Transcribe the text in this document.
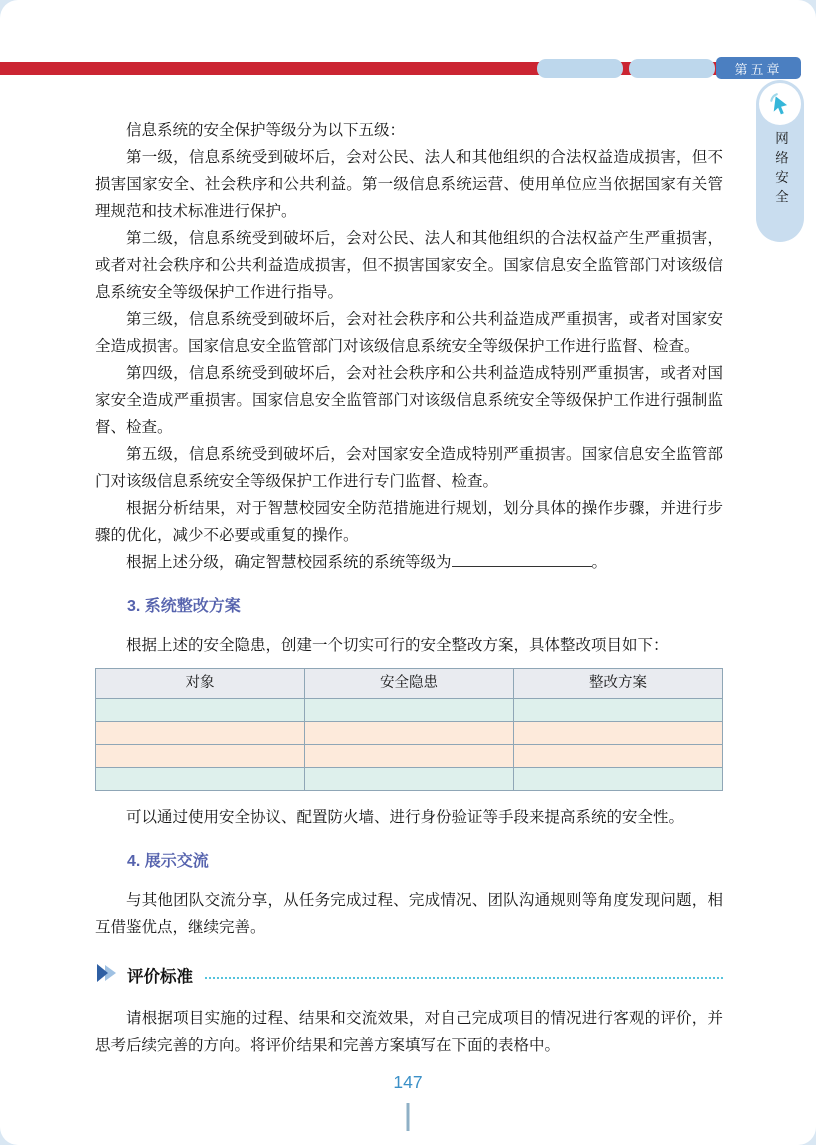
第五章
网络安全

信息系统的安全保护等级分为以下五级：

第一级，信息系统受到破坏后，会对公民、法人和其他组织的合法权益造成损害，但不损害国家安全、社会秩序和公共利益。第一级信息系统运营、使用单位应当依据国家有关管理规范和技术标准进行保护。

第二级，信息系统受到破坏后，会对公民、法人和其他组织的合法权益产生严重损害，或者对社会秩序和公共利益造成损害，但不损害国家安全。国家信息安全监管部门对该级信息系统安全等级保护工作进行指导。

第三级，信息系统受到破坏后，会对社会秩序和公共利益造成严重损害，或者对国家安全造成损害。国家信息安全监管部门对该级信息系统安全等级保护工作进行监督、检查。

第四级，信息系统受到破坏后，会对社会秩序和公共利益造成特别严重损害，或者对国家安全造成严重损害。国家信息安全监管部门对该级信息系统安全等级保护工作进行强制监督、检查。

第五级，信息系统受到破坏后，会对国家安全造成特别严重损害。国家信息安全监管部门对该级信息系统安全等级保护工作进行专门监督、检查。

根据分析结果，对于智慧校园安全防范措施进行规划，划分具体的操作步骤，并进行步骤的优化，减少不必要或重复的操作。

根据上述分级，确定智慧校园系统的系统等级为	。

3. 系统整改方案

根据上述的安全隐患，创建一个切实可行的安全整改方案，具体整改项目如下：

对象	安全隐患	整改方案

可以通过使用安全协议、配置防火墙、进行身份验证等手段来提高系统的安全性。

4. 展示交流

与其他团队交流分享，从任务完成过程、完成情况、团队沟通规则等角度发现问题，相互借鉴优点，继续完善。

评价标准

请根据项目实施的过程、结果和交流效果，对自己完成项目的情况进行客观的评价，并思考后续完善的方向。将评价结果和完善方案填写在下面的表格中。

147
